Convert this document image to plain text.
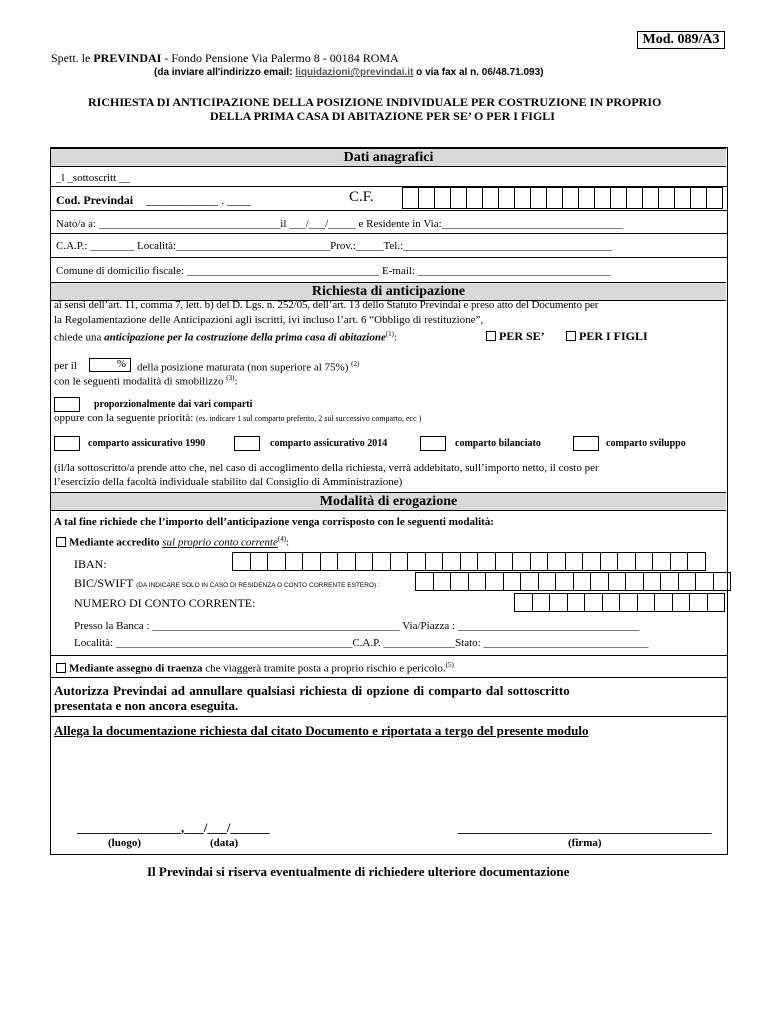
Mod. 089/A3
Spett. le PREVINDAI - Fondo Pensione Via Palermo 8 - 00184 ROMA
(da inviare all'indirizzo email: liquidazioni@previndai.it o via fax al n. 06/48.71.093)
RICHIESTA DI ANTICIPAZIONE DELLA POSIZIONE INDIVIDUALE PER COSTRUZIONE IN PROPRIO
DELLA PRIMA CASA DI ABITAZIONE PER SE’ O PER I FIGLI
Dati anagrafici
_l _sottoscritt __
Cod. Previndai ____________ . ____	C.F.
Nato/a a: _________________________________il ___/___/_____ e Residente in Via:_________________________________
C.A.P.: ________ Località:____________________________Prov.:_____Tel.:______________________________________
Comune di domicilio fiscale: ___________________________________ E-mail: ___________________________________
Richiesta di anticipazione
ai sensi dell’art. 11, comma 7, lett. b) del D. Lgs. n. 252/05, dell’art. 13 dello Statuto Previndai e preso atto del Documento per
la Regolamentazione delle Anticipazioni agli iscritti, ivi incluso l’art. 6 “Obbligo di restituzione”,
chiede una anticipazione per la costruzione della prima casa di abitazione$^{(1)}$:	PER SE’	PER I FIGLI
per il	% della posizione maturata (non superiore al 75%) $^{(2)}$
con le seguenti modalità di smobilizzo $^{(3)}$:
proporzionalmente dai vari comparti
oppure con la seguente priorità: (es. indicare 1 sul comparto preferito, 2 sul successivo comparto, ecc )
comparto assicurativo 1990	comparto assicurativo 2014	comparto bilanciato	comparto sviluppo
(il/la sottoscritto/a prende atto che, nel caso di accoglimento della richiesta, verrà addebitato, sull’importo netto, il costo per
l’esercizio della facoltà individuale stabilito dal Consiglio di Amministrazione)
Modalità di erogazione
A tal fine richiede che l’importo dell’anticipazione venga corrisposto con le seguenti modalità:
Mediante accredito sul proprio conto corrente$^{(4)}$:
IBAN:
BIC/SWIFT (DA INDICARE SOLO IN CASO DI RESIDENZA O CONTO CORRENTE ESTERO) :
NUMERO DI CONTO CORRENTE:
Presso la Banca : _____________________________________________ Via/Piazza : _________________________________
Località: ___________________________________________C.A.P. _____________Stato: ______________________________
Mediante assegno di traenza che viaggerà tramite posta a proprio rischio e pericolo.$^{(5)}$
Autorizza Previndai ad annullare qualsiasi richiesta di opzione di comparto dal sottoscritto
presentata e non ancora eseguita.
Allega la documentazione richiesta dal citato Documento e riportata a tergo del presente modulo
________________,___/___/______
(luogo)	(data)
_______________________________________
(firma)
Il Previndai si riserva eventualmente di richiedere ulteriore documentazione
